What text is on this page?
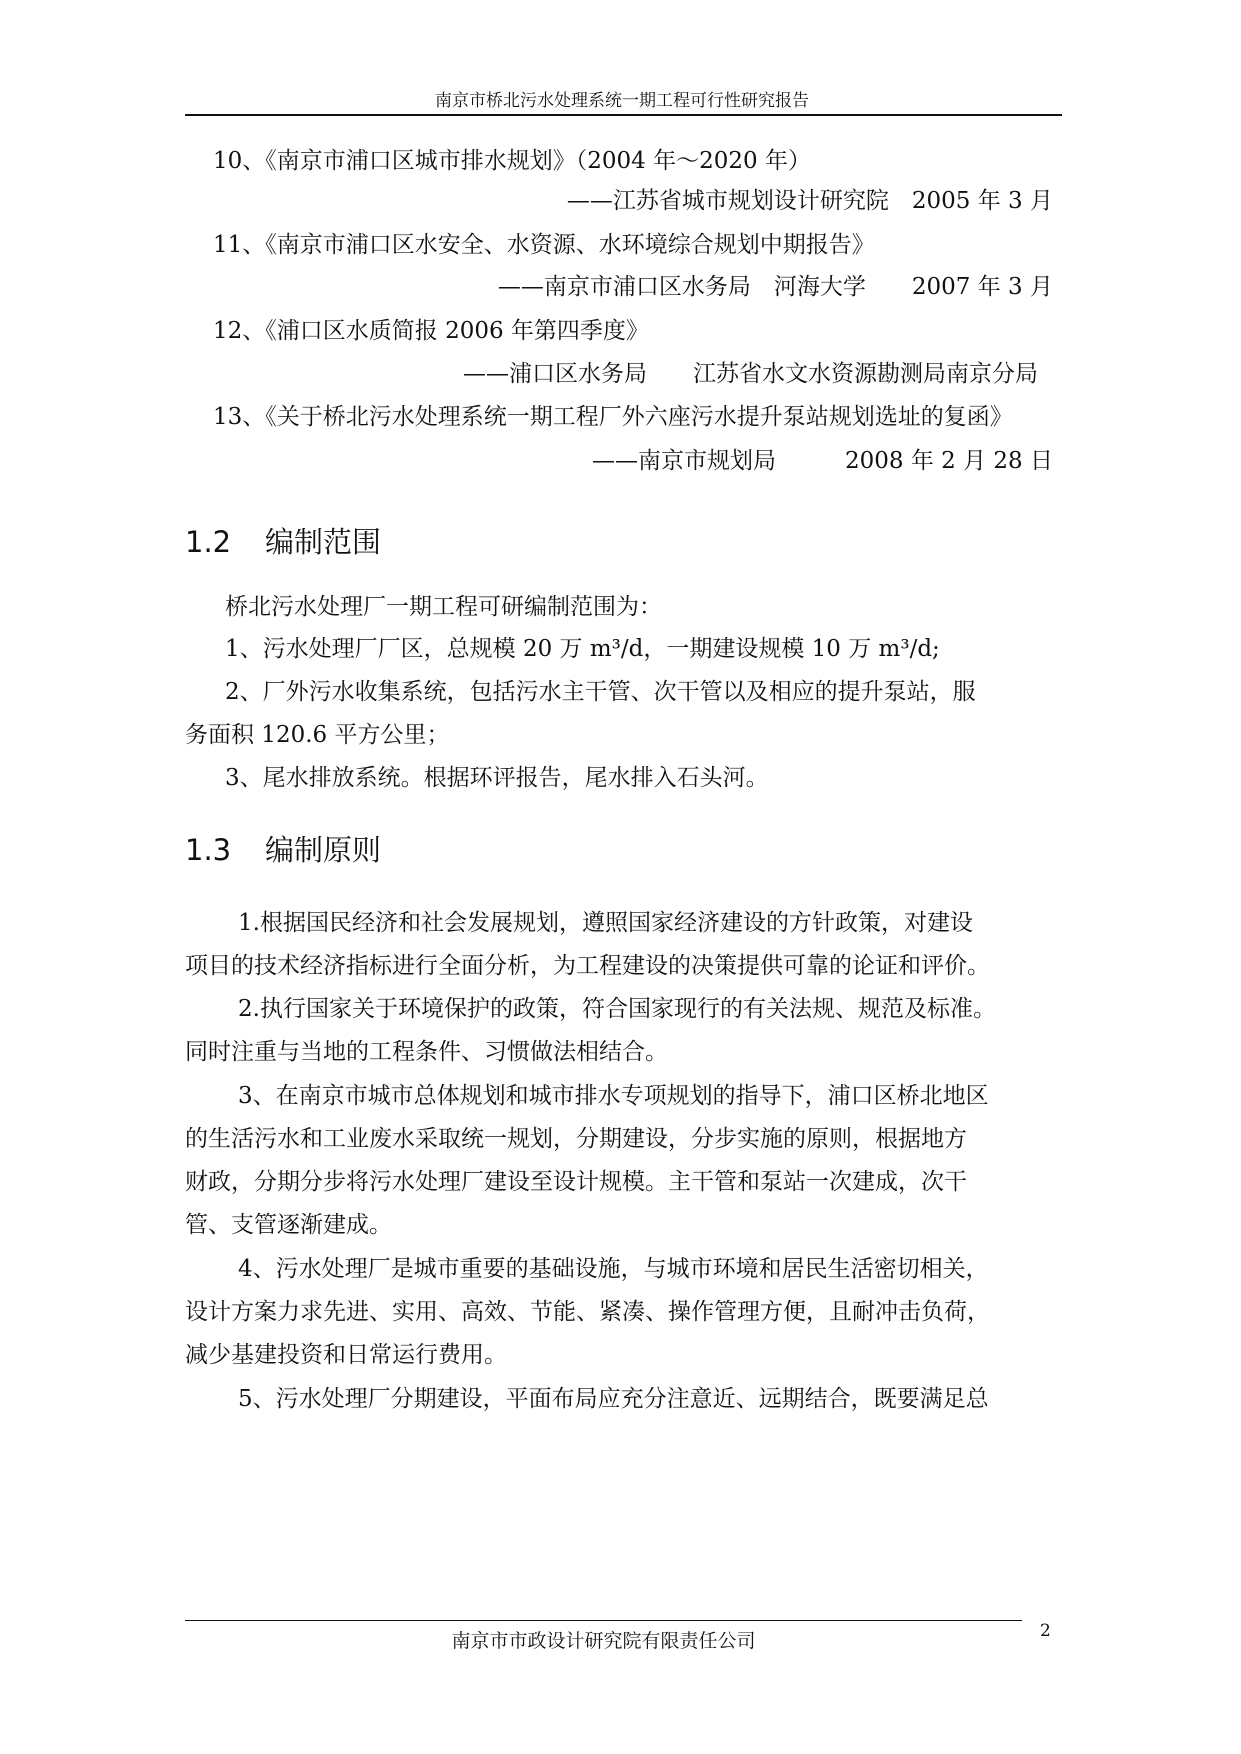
南京市桥北污水处理系统一期工程可行性研究报告
10、《南京市浦口区城市排水规划》（2004 年～2020 年）
——江苏省城市规划设计研究院　2005 年 3 月
11、《南京市浦口区水安全、水资源、水环境综合规划中期报告》
——南京市浦口区水务局　河海大学　　2007 年 3 月
12、《浦口区水质简报 2006 年第四季度》
——浦口区水务局　　江苏省水文水资源勘测局南京分局
13、《关于桥北污水处理系统一期工程厂外六座污水提升泵站规划选址的复函》
——南京市规划局　　　2008 年 2 月 28 日
1.2 编制范围
桥北污水处理厂一期工程可研编制范围为：
1、污水处理厂厂区，总规模 20 万 m³/d，一期建设规模 10 万 m³/d;
2、厂外污水收集系统，包括污水主干管、次干管以及相应的提升泵站，服
务面积 120.6 平方公里；
3、尾水排放系统。根据环评报告，尾水排入石头河。
1.3 编制原则
1.根据国民经济和社会发展规划，遵照国家经济建设的方针政策，对建设
项目的技术经济指标进行全面分析，为工程建设的决策提供可靠的论证和评价。
2.执行国家关于环境保护的政策，符合国家现行的有关法规、规范及标准。
同时注重与当地的工程条件、习惯做法相结合。
3、在南京市城市总体规划和城市排水专项规划的指导下，浦口区桥北地区
的生活污水和工业废水采取统一规划，分期建设，分步实施的原则，根据地方
财政，分期分步将污水处理厂建设至设计规模。主干管和泵站一次建成，次干
管、支管逐渐建成。
4、污水处理厂是城市重要的基础设施，与城市环境和居民生活密切相关，
设计方案力求先进、实用、高效、节能、紧凑、操作管理方便，且耐冲击负荷，
减少基建投资和日常运行费用。
5、污水处理厂分期建设，平面布局应充分注意近、远期结合，既要满足总
南京市市政设计研究院有限责任公司	2
